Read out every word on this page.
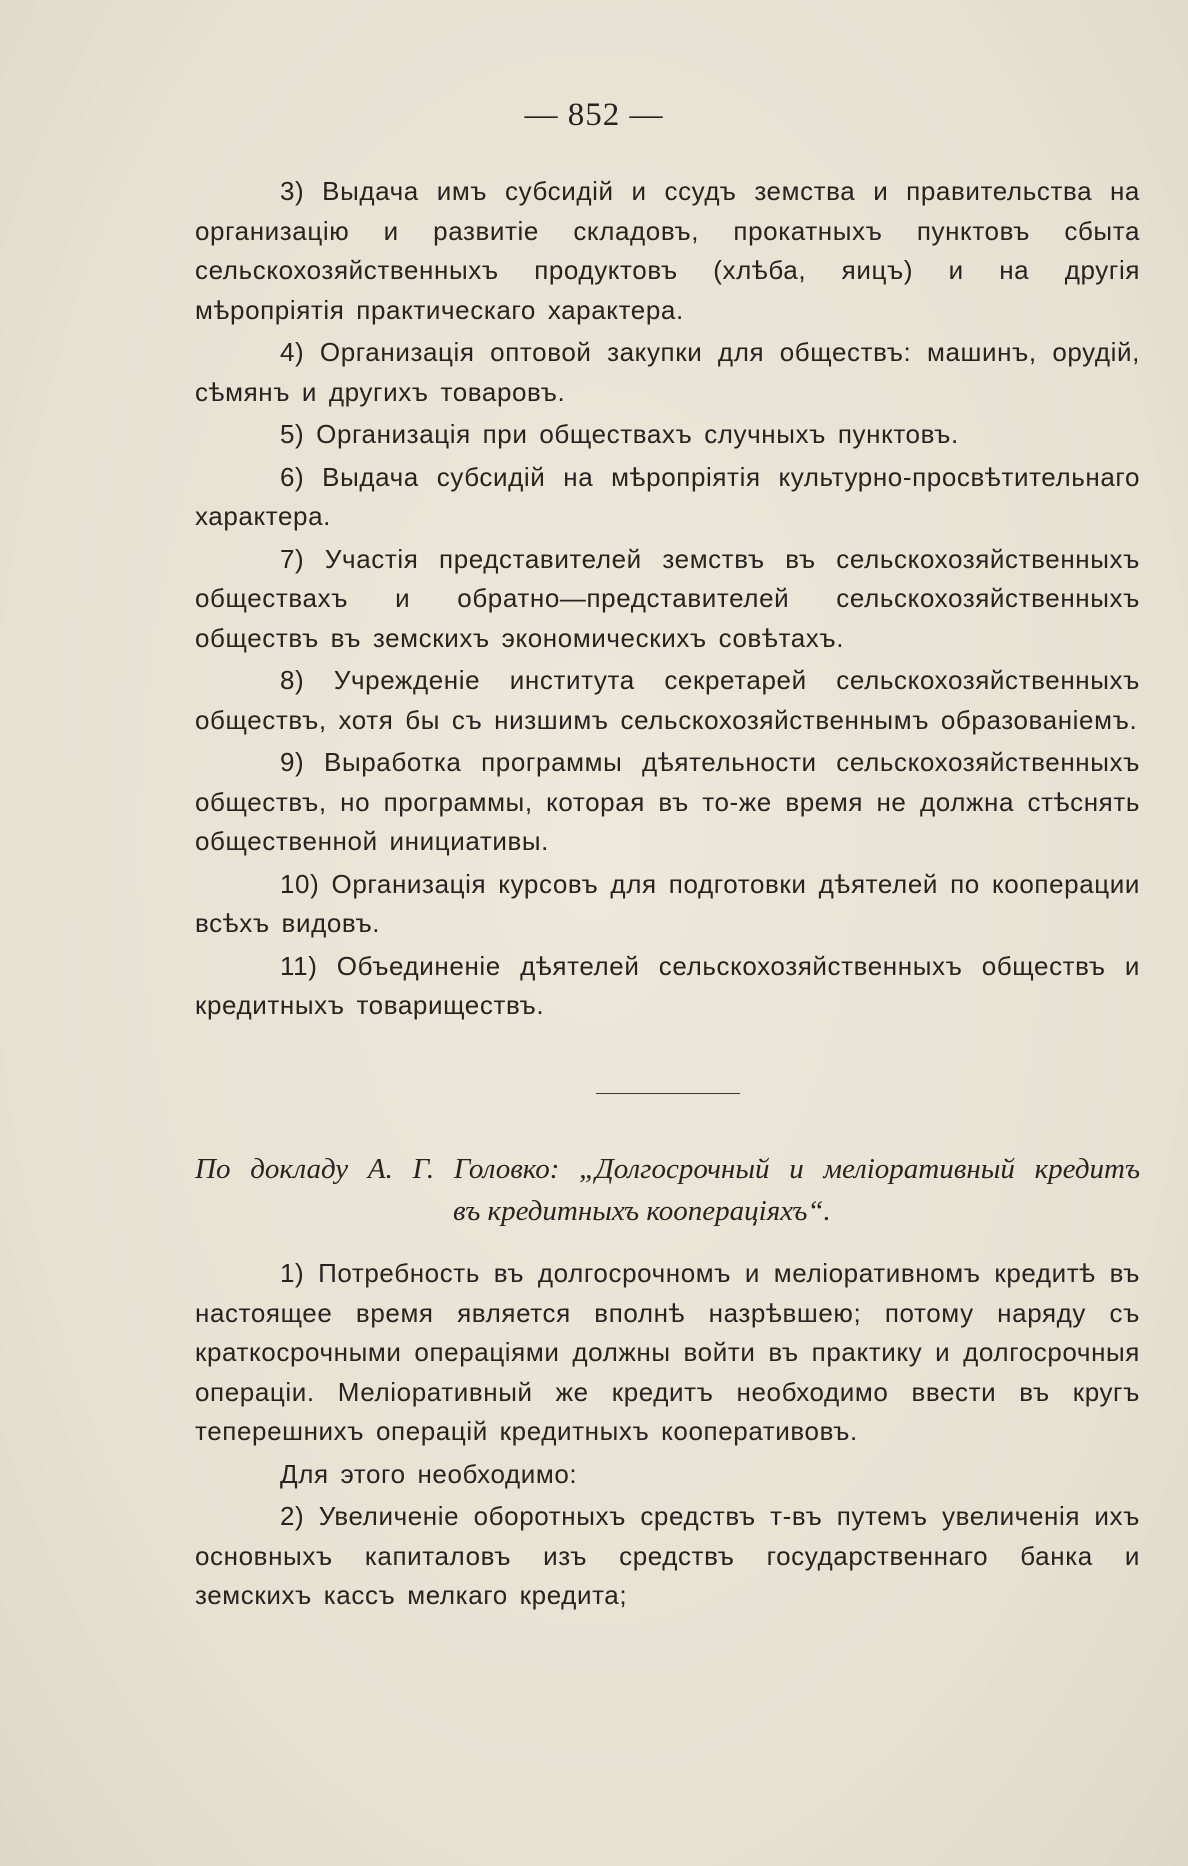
— 852 —

3) Выдача имъ субсидій и ссудъ земства и правительства на организацію и развитіе складовъ, прокатныхъ пунктовъ сбыта сельскохозяйственныхъ продуктовъ (хлѣба, яицъ) и на другія мѣропріятія практическаго характера.

4) Организація оптовой закупки для обществъ: машинъ, орудій, сѣмянъ и другихъ товаровъ.

5) Организація при обществахъ случныхъ пунктовъ.

6) Выдача субсидій на мѣропріятія культурно-просвѣтительнаго характера.

7) Участія представителей земствъ въ сельскохозяйственныхъ обществахъ и обратно—представителей сельскохозяйственныхъ обществъ въ земскихъ экономическихъ совѣтахъ.

8) Учрежденіе института секретарей сельскохозяйственныхъ обществъ, хотя бы съ низшимъ сельскохозяйственнымъ образованіемъ.

9) Выработка программы дѣятельности сельскохозяйственныхъ обществъ, но программы, которая въ то-же время не должна стѣснять общественной инициативы.

10) Организація курсовъ для подготовки дѣятелей по кооперации всѣхъ видовъ.

11) Объединеніе дѣятелей сельскохозяйственныхъ обществъ и кредитныхъ товариществъ.

По докладу А. Г. Головко: „Долгосрочный и меліоративный кредитъ
въ кредитныхъ коопераціяхъ“.

1) Потребность въ долгосрочномъ и меліоративномъ кредитѣ въ настоящее время является вполнѣ назрѣвшею; потому наряду съ краткосрочными операціями должны войти въ практику и долгосрочныя операціи. Меліоративный же кредитъ необходимо ввести въ кругъ теперешнихъ операцій кредитныхъ кооперативовъ.

Для этого необходимо:

2) Увеличеніе оборотныхъ средствъ т-въ путемъ увеличенія ихъ основныхъ капиталовъ изъ средствъ государственнаго банка и земскихъ кассъ мелкаго кредита;
